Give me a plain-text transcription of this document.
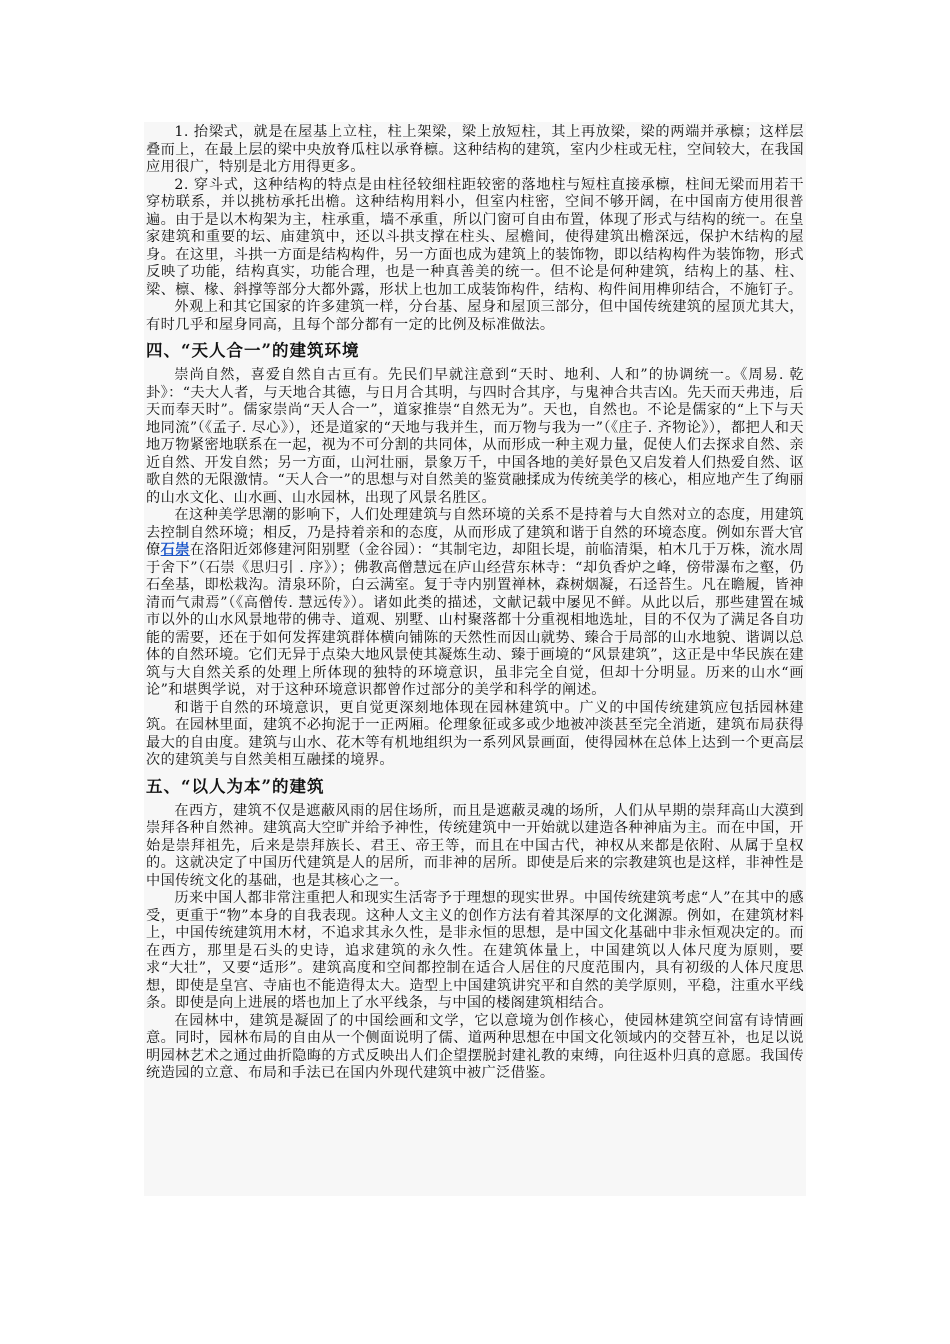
1. 抬梁式，就是在屋基上立柱，柱上架梁，梁上放短柱，其上再放梁，梁的两端并承檩；这样层叠而上，在最上层的梁中央放脊瓜柱以承脊檩。这种结构的建筑，室内少柱或无柱，空间较大，在我国应用很广，特别是北方用得更多。

2. 穿斗式，这种结构的特点是由柱径较细柱距较密的落地柱与短柱直接承檩，柱间无梁而用若干穿枋联系，并以挑枋承托出檐。这种结构用料小，但室内柱密，空间不够开阔，在中国南方使用很普遍。由于是以木构架为主，柱承重，墙不承重，所以门窗可自由布置，体现了形式与结构的统一。在皇家建筑和重要的坛、庙建筑中，还以斗拱支撑在柱头、屋檐间，使得建筑出檐深远，保护木结构的屋身。在这里，斗拱一方面是结构构件，另一方面也成为建筑上的装饰物，即以结构构件为装饰物，形式反映了功能，结构真实，功能合理，也是一种真善美的统一。但不论是何种建筑，结构上的基、柱、梁、檩、椽、斜撑等部分大都外露，形状上也加工成装饰构件，结构、构件间用榫卯结合，不施钉子。

外观上和其它国家的许多建筑一样，分台基、屋身和屋顶三部分，但中国传统建筑的屋顶尤其大，有时几乎和屋身同高，且每个部分都有一定的比例及标准做法。

四、“天人合一”的建筑环境

崇尚自然，喜爱自然自古亘有。先民们早就注意到“天时、地利、人和”的协调统一。《周易. 乾卦》：“夫大人者，与天地合其德，与日月合其明，与四时合其序，与鬼神合共吉凶。先天而天弗违，后天而奉天时”。儒家崇尚“天人合一”，道家推崇“自然无为”。天也，自然也。不论是儒家的“上下与天地同流”（《孟子. 尽心》），还是道家的“天地与我并生，而万物与我为一”（《庄子. 齐物论》），都把人和天地万物紧密地联系在一起，视为不可分割的共同体，从而形成一种主观力量，促使人们去探求自然、亲近自然、开发自然；另一方面，山河壮丽，景象万千，中国各地的美好景色又启发着人们热爱自然、讴歌自然的无限激情。“天人合一”的思想与对自然美的鉴赏融揉成为传统美学的核心，相应地产生了绚丽的山水文化、山水画、山水园林，出现了风景名胜区。

在这种美学思潮的影响下，人们处理建筑与自然环境的关系不是持着与大自然对立的态度，用建筑去控制自然环境；相反，乃是持着亲和的态度，从而形成了建筑和谐于自然的环境态度。例如东晋大官僚石崇在洛阳近郊修建河阳别墅（金谷园）：“其制宅边，却阻长堤，前临清渠，柏木几于万株，流水周于舍下”（石崇《思归引 . 序》）；佛教高僧慧远在庐山经营东林寺：“却负香炉之峰，傍带瀑布之壑，仍石垒基，即松栽沟。清泉环阶，白云满室。复于寺内别置禅林，森树烟凝，石迳苔生。凡在瞻履，皆神清而气肃焉”（《高僧传. 慧远传》）。诸如此类的描述，文献记载中屡见不鲜。从此以后，那些建置在城市以外的山水风景地带的佛寺、道观、别墅、山村聚落都十分重视相地选址，目的不仅为了满足各自功能的需要，还在于如何发挥建筑群体横向铺陈的天然性而因山就势、臻合于局部的山水地貌、谐调以总体的自然环境。它们无异于点染大地风景使其凝炼生动、臻于画境的“风景建筑”，这正是中华民族在建筑与大自然关系的处理上所体现的独特的环境意识，虽非完全自觉，但却十分明显。历来的山水“画论”和堪舆学说，对于这种环境意识都曾作过部分的美学和科学的阐述。

和谐于自然的环境意识，更自觉更深刻地体现在园林建筑中。广义的中国传统建筑应包括园林建筑。在园林里面，建筑不必拘泥于一正两厢。伦理象征或多或少地被冲淡甚至完全消逝，建筑布局获得最大的自由度。建筑与山水、花木等有机地组织为一系列风景画面，使得园林在总体上达到一个更高层次的建筑美与自然美相互融揉的境界。

五、“以人为本”的建筑

在西方，建筑不仅是遮蔽风雨的居住场所，而且是遮蔽灵魂的场所，人们从早期的崇拜高山大漠到崇拜各种自然神。建筑高大空旷并给予神性，传统建筑中一开始就以建造各种神庙为主。而在中国，开始是崇拜祖先，后来是崇拜族长、君王、帝王等，而且在中国古代，神权从来都是依附、从属于皇权的。这就决定了中国历代建筑是人的居所，而非神的居所。即使是后来的宗教建筑也是这样，非神性是中国传统文化的基础，也是其核心之一。

历来中国人都非常注重把人和现实生活寄予于理想的现实世界。中国传统建筑考虑“人”在其中的感受，更重于“物”本身的自我表现。这种人文主义的创作方法有着其深厚的文化渊源。例如，在建筑材料上，中国传统建筑用木材，不追求其永久性，是非永恒的思想，是中国文化基础中非永恒观决定的。而在西方，那里是石头的史诗，追求建筑的永久性。在建筑体量上，中国建筑以人体尺度为原则，要求“大壮”，又要“适形”。建筑高度和空间都控制在适合人居住的尺度范围内，具有初级的人体尺度思想，即使是皇宫、寺庙也不能造得太大。造型上中国建筑讲究平和自然的美学原则，平稳，注重水平线条。即使是向上进展的塔也加上了水平线条，与中国的楼阁建筑相结合。

在园林中，建筑是凝固了的中国绘画和文学，它以意境为创作核心，使园林建筑空间富有诗情画意。同时，园林布局的自由从一个侧面说明了儒、道两种思想在中国文化领域内的交替互补，也足以说明园林艺术之通过曲折隐晦的方式反映出人们企望摆脱封建礼教的束缚，向往返朴归真的意愿。我国传统造园的立意、布局和手法已在国内外现代建筑中被广泛借鉴。
